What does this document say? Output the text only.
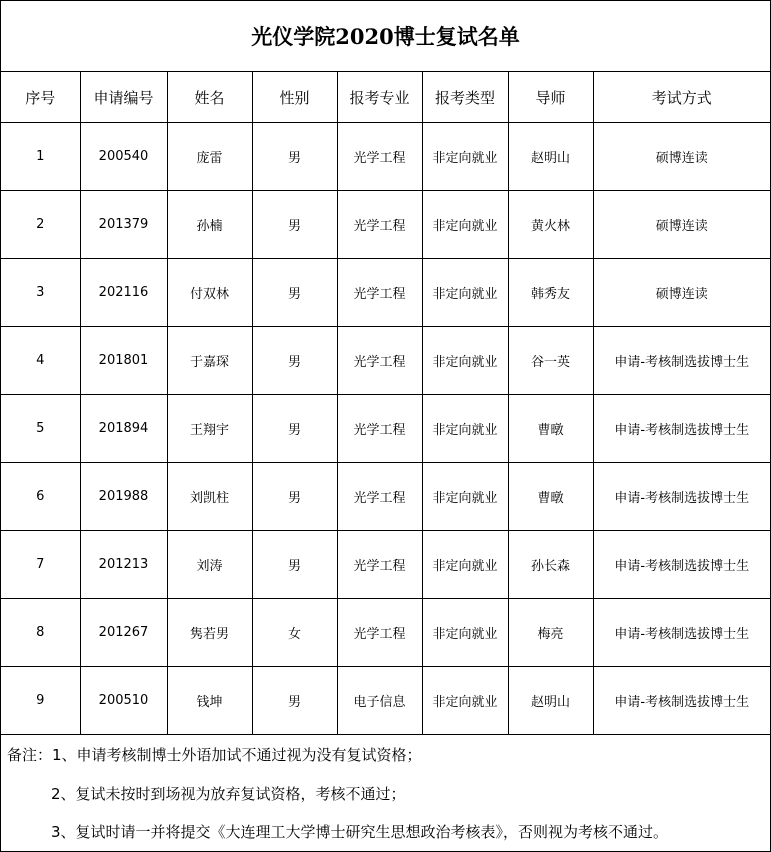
光仪学院2020博士复试名单
序号	申请编号	姓名	性别	报考专业	报考类型	导师	考试方式
1	200540	庞雷	男	光学工程	非定向就业	赵明山	硕博连读
2	201379	孙楠	男	光学工程	非定向就业	黄火林	硕博连读
3	202116	付双林	男	光学工程	非定向就业	韩秀友	硕博连读
4	201801	于嘉琛	男	光学工程	非定向就业	谷一英	申请-考核制选拔博士生
5	201894	王翔宇	男	光学工程	非定向就业	曹暾	申请-考核制选拔博士生
6	201988	刘凯柱	男	光学工程	非定向就业	曹暾	申请-考核制选拔博士生
7	201213	刘涛	男	光学工程	非定向就业	孙长森	申请-考核制选拔博士生
8	201267	隽若男	女	光学工程	非定向就业	梅亮	申请-考核制选拔博士生
9	200510	钱坤	男	电子信息	非定向就业	赵明山	申请-考核制选拔博士生
备注：1、申请考核制博士外语加试不通过视为没有复试资格；
2、复试未按时到场视为放弃复试资格，考核不通过；
3、复试时请一并将提交《大连理工大学博士研究生思想政治考核表》，否则视为考核不通过。
